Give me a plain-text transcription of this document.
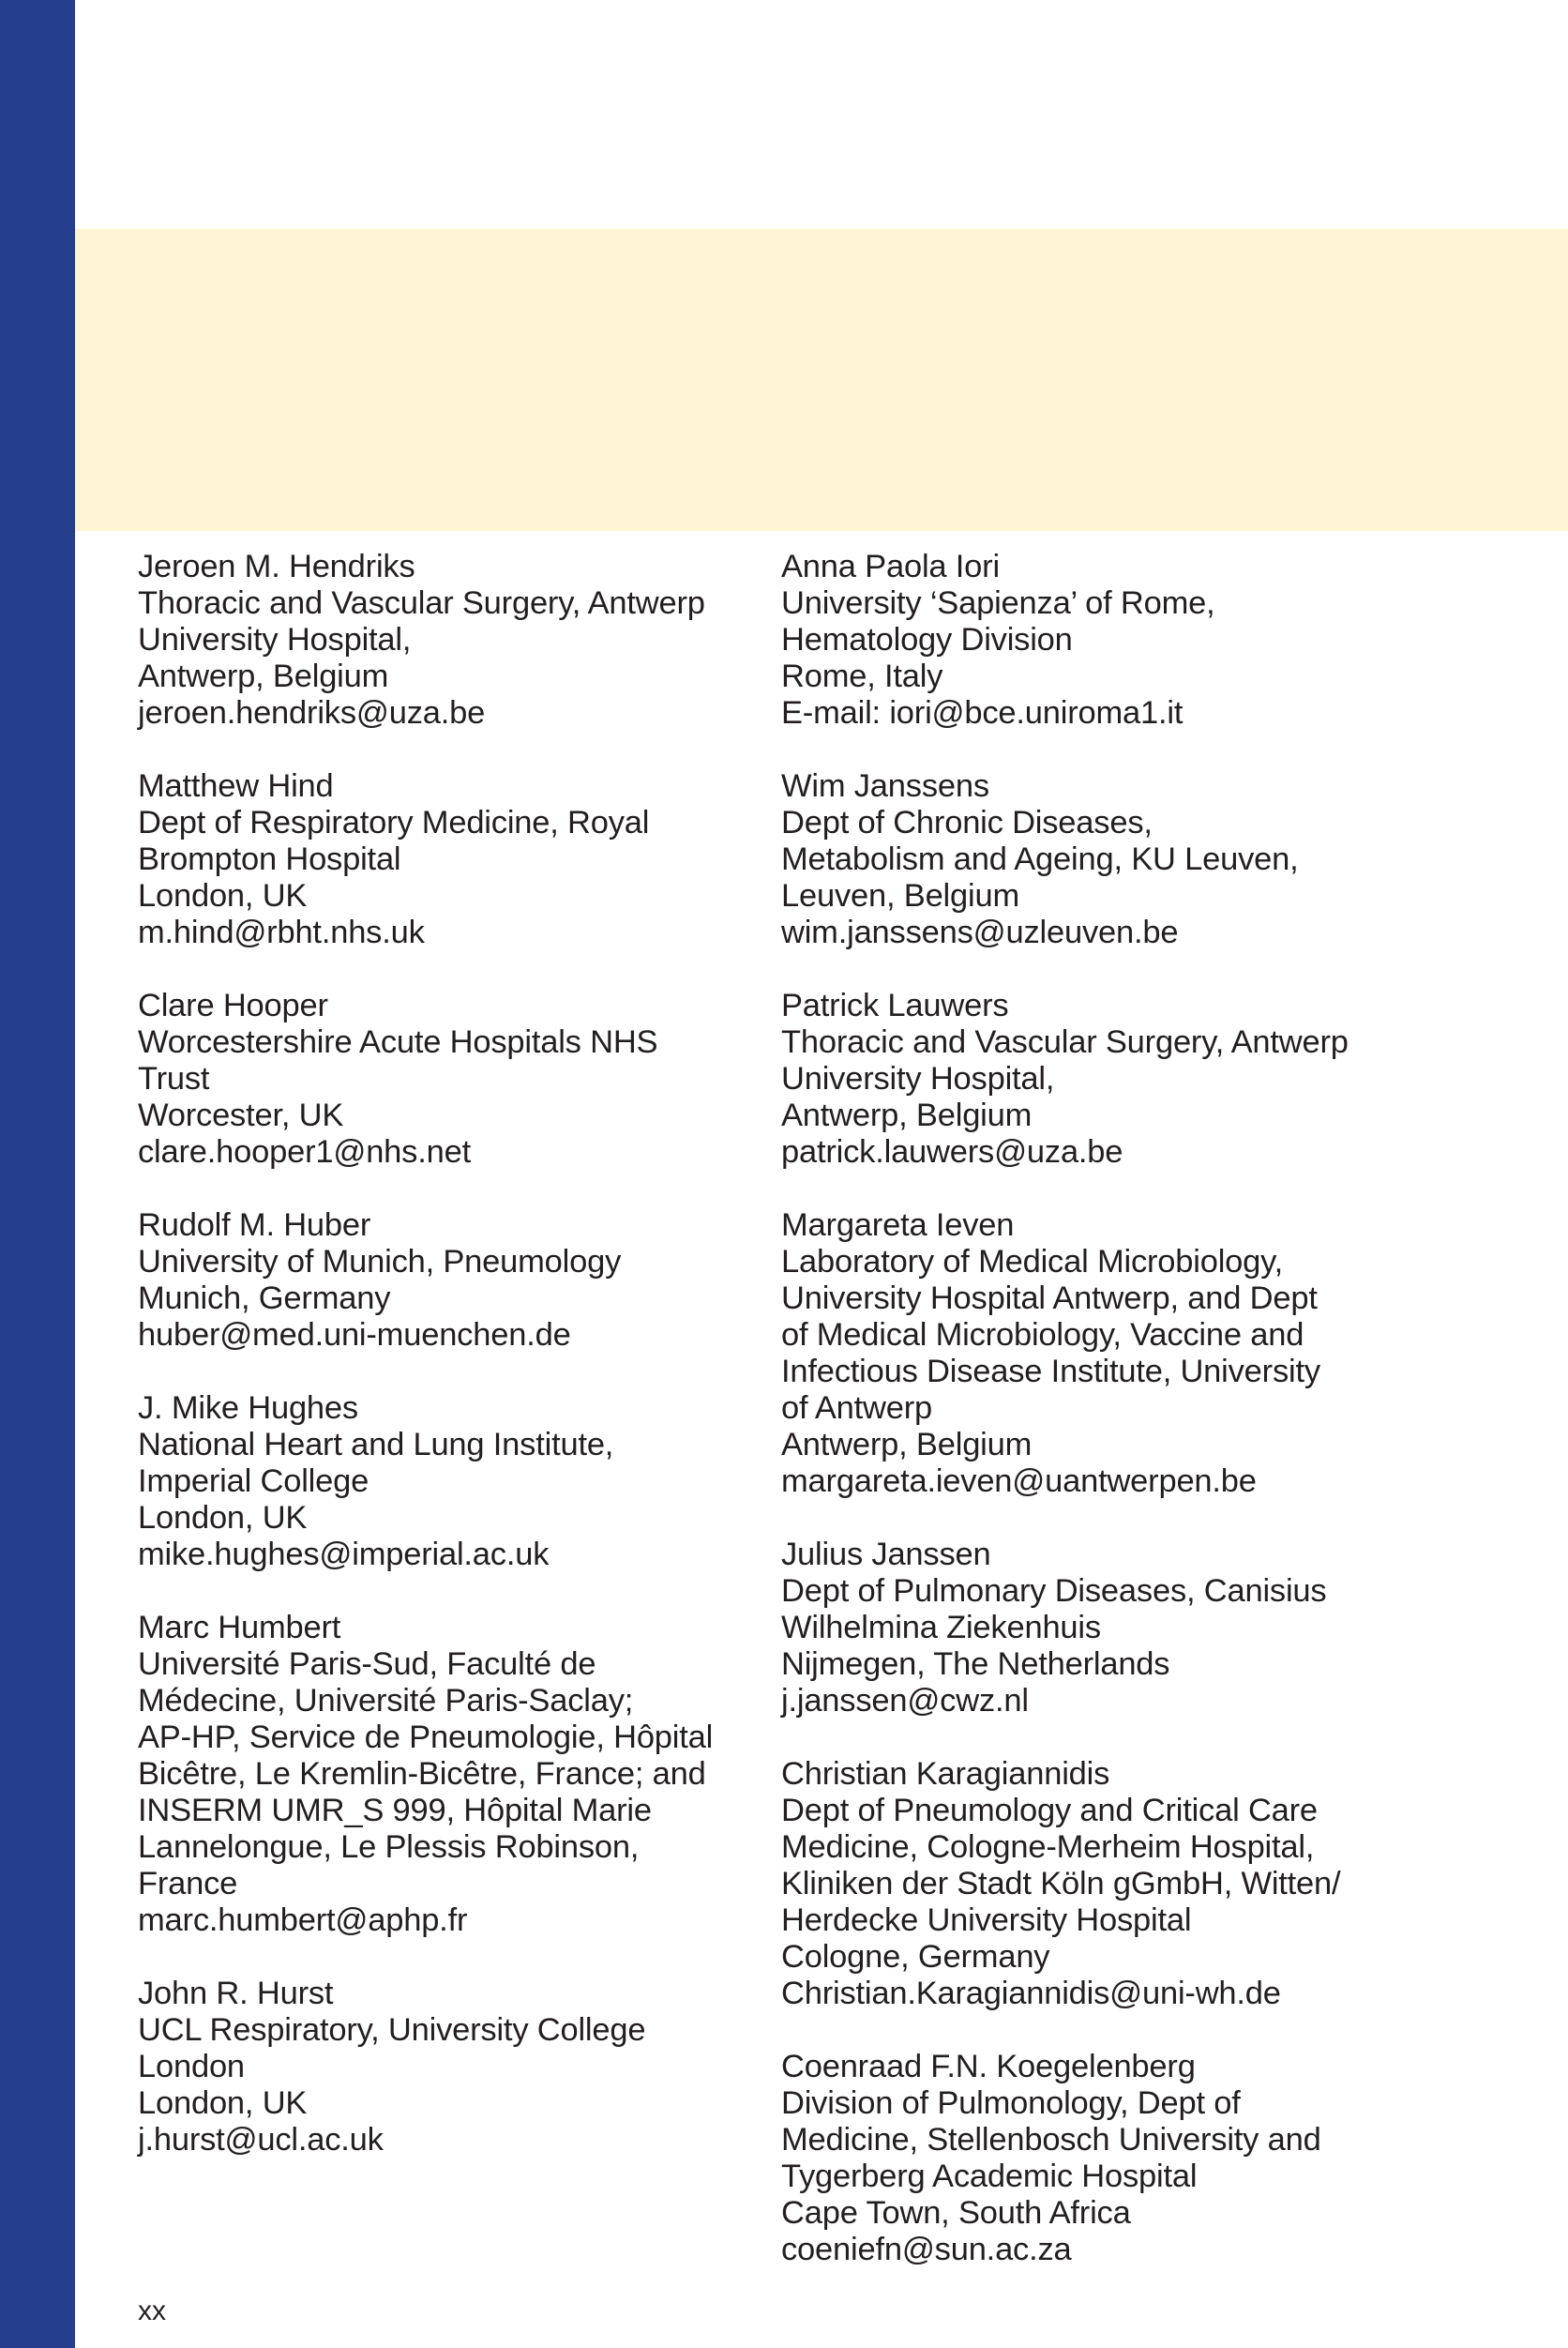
Jeroen M. Hendriks
Thoracic and Vascular Surgery, Antwerp
University Hospital,
Antwerp, Belgium
jeroen.hendriks@uza.be
Matthew Hind
Dept of Respiratory Medicine, Royal
Brompton Hospital
London, UK
m.hind@rbht.nhs.uk
Clare Hooper
Worcestershire Acute Hospitals NHS
Trust
Worcester, UK
clare.hooper1@nhs.net
Rudolf M. Huber
University of Munich, Pneumology
Munich, Germany
huber@med.uni-muenchen.de
J. Mike Hughes
National Heart and Lung Institute,
Imperial College
London, UK
mike.hughes@imperial.ac.uk
Marc Humbert
Université Paris-Sud, Faculté de
Médecine, Université Paris-Saclay;
AP-HP, Service de Pneumologie, Hôpital
Bicêtre, Le Kremlin-Bicêtre, France; and
INSERM UMR_S 999, Hôpital Marie
Lannelongue, Le Plessis Robinson,
France
marc.humbert@aphp.fr
John R. Hurst
UCL Respiratory, University College
London
London, UK
j.hurst@ucl.ac.uk
Anna Paola Iori
University ‘Sapienza’ of Rome,
Hematology Division
Rome, Italy
E-mail: iori@bce.uniroma1.it
Wim Janssens
Dept of Chronic Diseases,
Metabolism and Ageing, KU Leuven,
Leuven, Belgium
wim.janssens@uzleuven.be
Patrick Lauwers
Thoracic and Vascular Surgery, Antwerp
University Hospital,
Antwerp, Belgium
patrick.lauwers@uza.be
Margareta Ieven
Laboratory of Medical Microbiology,
University Hospital Antwerp, and Dept
of Medical Microbiology, Vaccine and
Infectious Disease Institute, University
of Antwerp
Antwerp, Belgium
margareta.ieven@uantwerpen.be
Julius Janssen
Dept of Pulmonary Diseases, Canisius
Wilhelmina Ziekenhuis
Nijmegen, The Netherlands
j.janssen@cwz.nl
Christian Karagiannidis
Dept of Pneumology and Critical Care
Medicine, Cologne-Merheim Hospital,
Kliniken der Stadt Köln gGmbH, Witten/
Herdecke University Hospital
Cologne, Germany
Christian.Karagiannidis@uni-wh.de
Coenraad F.N. Koegelenberg
Division of Pulmonology, Dept of
Medicine, Stellenbosch University and
Tygerberg Academic Hospital
Cape Town, South Africa
coeniefn@sun.ac.za
xx
